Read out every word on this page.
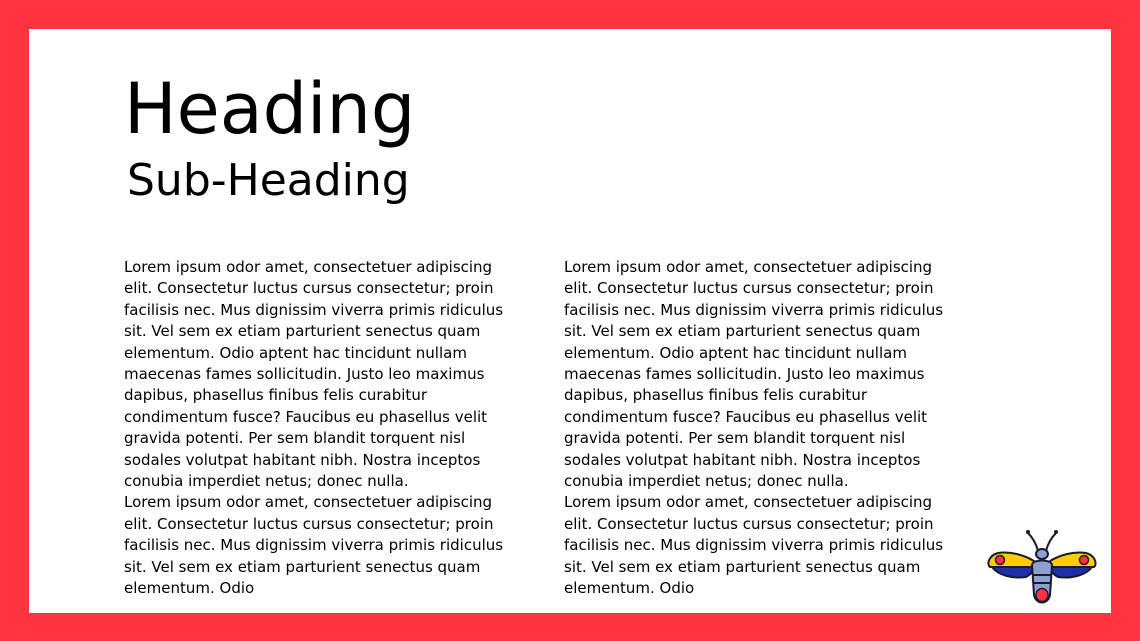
Heading
Sub-Heading

Lorem ipsum odor amet, consectetuer adipiscing elit. Consectetur luctus cursus consectetur; proin facilisis nec. Mus dignissim viverra primis ridiculus sit. Vel sem ex etiam parturient senectus quam elementum. Odio aptent hac tincidunt nullam maecenas fames sollicitudin. Justo leo maximus dapibus, phasellus finibus felis curabitur condimentum fusce? Faucibus eu phasellus velit gravida potenti. Per sem blandit torquent nisl sodales volutpat habitant nibh. Nostra inceptos conubia imperdiet netus; donec nulla.

Lorem ipsum odor amet, consectetuer adipiscing elit. Consectetur luctus cursus consectetur; proin facilisis nec. Mus dignissim viverra primis ridiculus sit. Vel sem ex etiam parturient senectus quam elementum. Odio

Lorem ipsum odor amet, consectetuer adipiscing elit. Consectetur luctus cursus consectetur; proin facilisis nec. Mus dignissim viverra primis ridiculus sit. Vel sem ex etiam parturient senectus quam elementum. Odio aptent hac tincidunt nullam maecenas fames sollicitudin. Justo leo maximus dapibus, phasellus finibus felis curabitur condimentum fusce? Faucibus eu phasellus velit gravida potenti. Per sem blandit torquent nisl sodales volutpat habitant nibh. Nostra inceptos conubia imperdiet netus; donec nulla.

Lorem ipsum odor amet, consectetuer adipiscing elit. Consectetur luctus cursus consectetur; proin facilisis nec. Mus dignissim viverra primis ridiculus sit. Vel sem ex etiam parturient senectus quam elementum. Odio
